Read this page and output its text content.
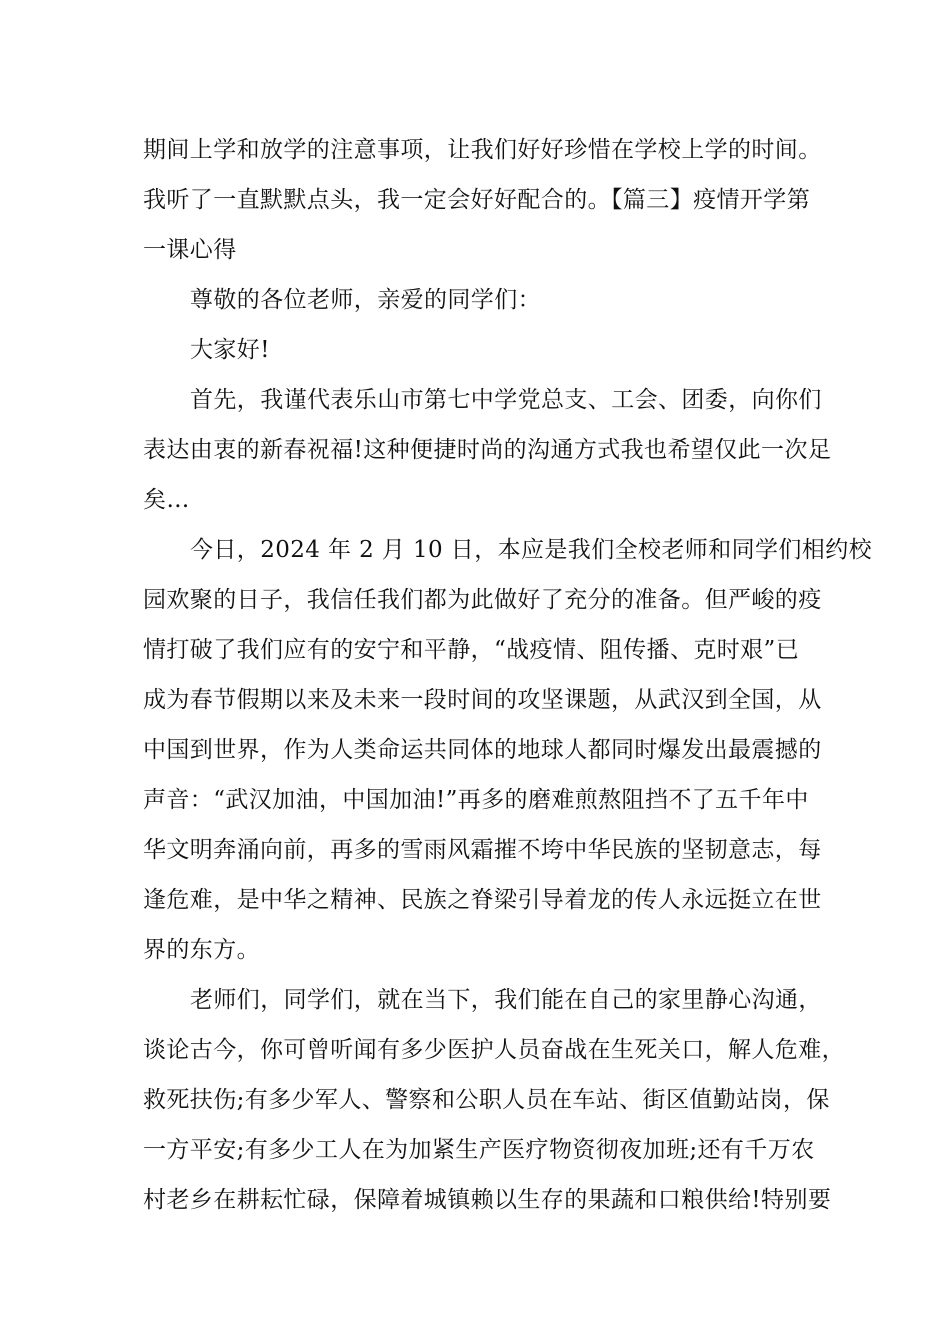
期间上学和放学的注意事项，让我们好好珍惜在学校上学的时间。
我听了一直默默点头，我一定会好好配合的。【篇三】疫情开学第
一课心得
尊敬的各位老师，亲爱的同学们：
大家好!
首先，我谨代表乐山市第七中学党总支、工会、团委，向你们
表达由衷的新春祝福!这种便捷时尚的沟通方式我也希望仅此一次足
矣…
今日，2024 年 2 月 10 日，本应是我们全校老师和同学们相约校
园欢聚的日子，我信任我们都为此做好了充分的准备。但严峻的疫
情打破了我们应有的安宁和平静，“战疫情、阻传播、克时艰”已
成为春节假期以来及未来一段时间的攻坚课题，从武汉到全国，从
中国到世界，作为人类命运共同体的地球人都同时爆发出最震撼的
声音：“武汉加油，中国加油!”再多的磨难煎熬阻挡不了五千年中
华文明奔涌向前，再多的雪雨风霜摧不垮中华民族的坚韧意志，每
逢危难，是中华之精神、民族之脊梁引导着龙的传人永远挺立在世
界的东方。
老师们，同学们，就在当下，我们能在自己的家里静心沟通，
谈论古今，你可曾听闻有多少医护人员奋战在生死关口，解人危难，
救死扶伤;有多少军人、警察和公职人员在车站、街区值勤站岗，保
一方平安;有多少工人在为加紧生产医疗物资彻夜加班;还有千万农
村老乡在耕耘忙碌，保障着城镇赖以生存的果蔬和口粮供给!特别要
